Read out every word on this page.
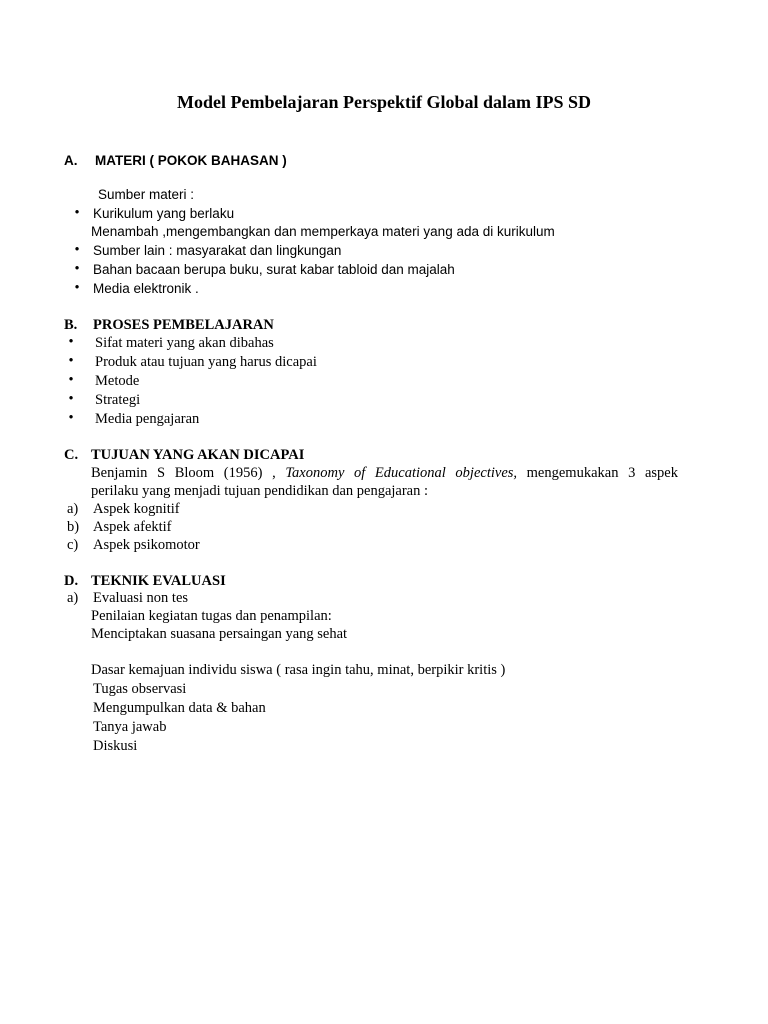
Model Pembelajaran Perspektif Global dalam IPS SD
A. MATERI ( POKOK BAHASAN )
Sumber materi :
• Kurikulum yang berlaku
Menambah ,mengembangkan dan memperkaya materi yang ada di kurikulum
• Sumber lain : masyarakat dan lingkungan
• Bahan bacaan berupa buku, surat kabar tabloid dan majalah
• Media elektronik .
B. PROSES PEMBELAJARAN
• Sifat materi yang akan dibahas
• Produk atau tujuan yang harus dicapai
• Metode
• Strategi
• Media pengajaran
C. TUJUAN YANG AKAN DICAPAI
Benjamin S Bloom (1956) , Taxonomy of Educational objectives, mengemukakan 3 aspek
perilaku yang menjadi tujuan pendidikan dan pengajaran :
a) Aspek kognitif
b) Aspek afektif
c) Aspek psikomotor
D. TEKNIK EVALUASI
a) Evaluasi non tes
Penilaian kegiatan tugas dan penampilan:
Menciptakan suasana persaingan yang sehat
Dasar kemajuan individu siswa ( rasa ingin tahu, minat, berpikir kritis )
Tugas observasi
Mengumpulkan data & bahan
Tanya jawab
Diskusi
